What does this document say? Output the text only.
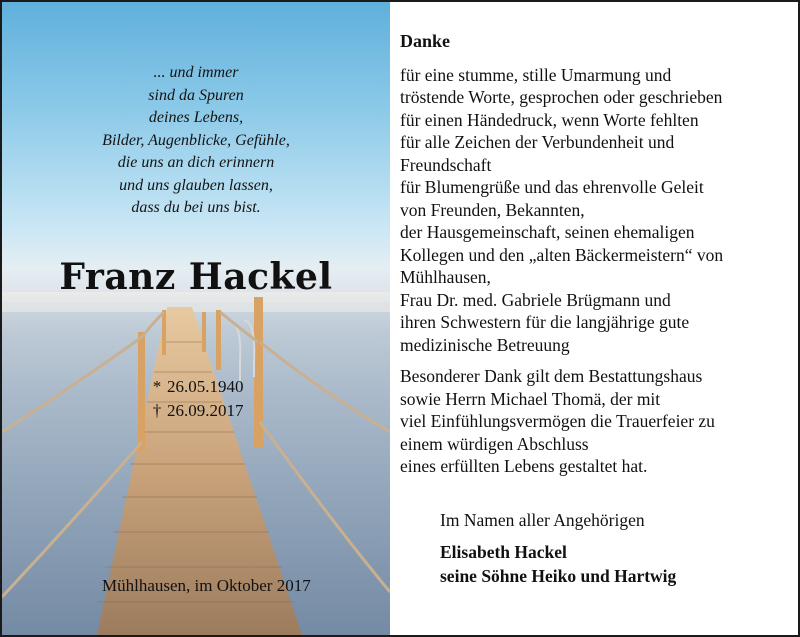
... und immer
sind da Spuren
deines Lebens,
Bilder, Augenblicke, Gefühle,
die uns an dich erinnern
und uns glauben lassen,
dass du bei uns bist.
Franz Hackel
* 26.05.1940
† 26.09.2017
Mühlhausen, im Oktober 2017
Danke
für eine stumme, stille Umarmung und
tröstende Worte, gesprochen oder geschrieben
für einen Händedruck, wenn Worte fehlten
für alle Zeichen der Verbundenheit und
Freundschaft
für Blumengrüße und das ehrenvolle Geleit
von Freunden, Bekannten,
der Hausgemeinschaft, seinen ehemaligen
Kollegen und den „alten Bäckermeistern“ von
Mühlhausen,
Frau Dr. med. Gabriele Brügmann und
ihren Schwestern für die langjährige gute
medizinische Betreuung
Besonderer Dank gilt dem Bestattungshaus
sowie Herrn Michael Thomä, der mit
viel Einfühlungsvermögen die Trauerfeier zu
einem würdigen Abschluss
eines erfüllten Lebens gestaltet hat.
Im Namen aller Angehörigen
Elisabeth Hackel
seine Söhne Heiko und Hartwig
